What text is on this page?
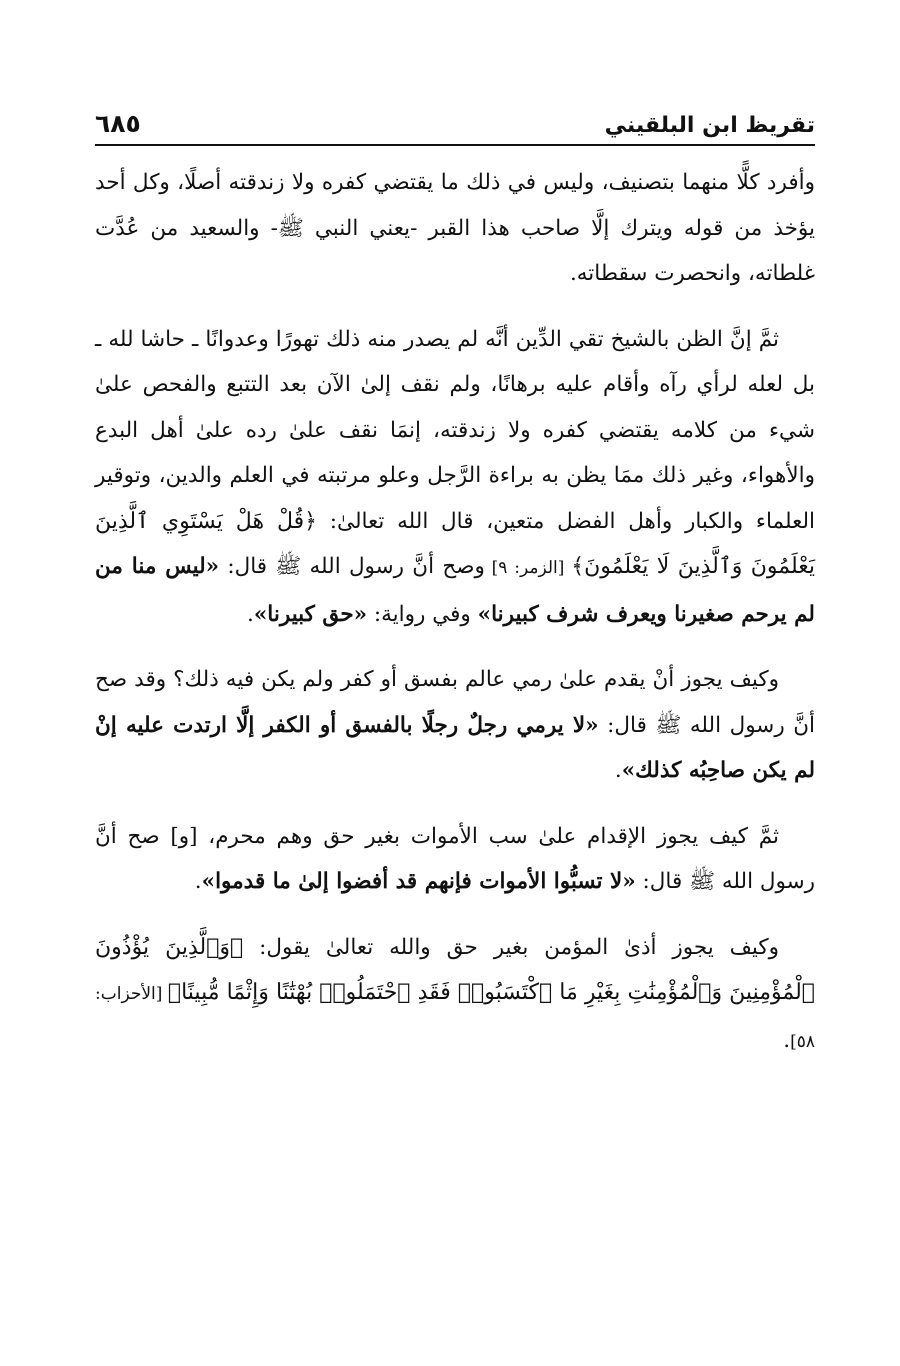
تقريظ ابن البلقيني
٦٨٥

وأفرد كلًّا منهما بتصنيف، وليس في ذلك ما يقتضي كفره ولا زندقته أصلًا، وكل أحد يؤخذ من قوله ويترك إلَّا صاحب هذا القبر -يعني النبي ﷺ- والسعيد من عُدَّت غلطاته، وانحصرت سقطاته.

ثمَّ إنَّ الظن بالشيخ تقي الدِّين أنَّه لم يصدر منه ذلك تهورًا وعدوانًا ـ حاشا لله ـ بل لعله لرأي رآه وأقام عليه برهانًا، ولم نقف إلىٰ الآن بعد التتبع والفحص علىٰ شيء من كلامه يقتضي كفره ولا زندقته، إنمَا نقف علىٰ رده علىٰ أهل البدع والأهواء، وغير ذلك ممَا يظن به براءة الرَّجل وعلو مرتبته في العلم والدين، وتوقير العلماء والكبار وأهل الفضل متعين، قال الله تعالىٰ: ﴿قُلْ هَلْ يَسْتَوِي ٱلَّذِينَ يَعْلَمُونَ وَٱلَّذِينَ لَا يَعْلَمُونَ﴾ [الزمر: ٩] وصح أنَّ رسول الله ﷺ قال: «ليس منا من لم يرحم صغيرنا ويعرف شرف كبيرنا» وفي رواية: «حق كبيرنا».

وكيف يجوز أنْ يقدم علىٰ رمي عالم بفسق أو كفر ولم يكن فيه ذلك؟ وقد صح أنَّ رسول الله ﷺ قال: «لا يرمي رجلٌ رجلًا بالفسق أو الكفر إلَّا ارتدت عليه إنْ لم يكن صاحِبُه كذلك».

ثمَّ كيف يجوز الإقدام علىٰ سب الأموات بغير حق وهم محرم، [و] صح أنَّ رسول الله ﷺ قال: «لا تسبُّوا الأموات فإنهم قد أفضوا إلىٰ ما قدموا».

وكيف يجوز أذىٰ المؤمن بغير حق والله تعالىٰ يقول: ﴿وَٱلَّذِينَ يُؤْذُونَ ٱلْمُؤْمِنِينَ وَٱلْمُؤْمِنَٰتِ بِغَيْرِ مَا ٱكْتَسَبُوا۟ فَقَدِ ٱحْتَمَلُوا۟ بُهْتَٰنًا وَإِثْمًا مُّبِينًا﴾ [الأحزاب: ٥٨].
